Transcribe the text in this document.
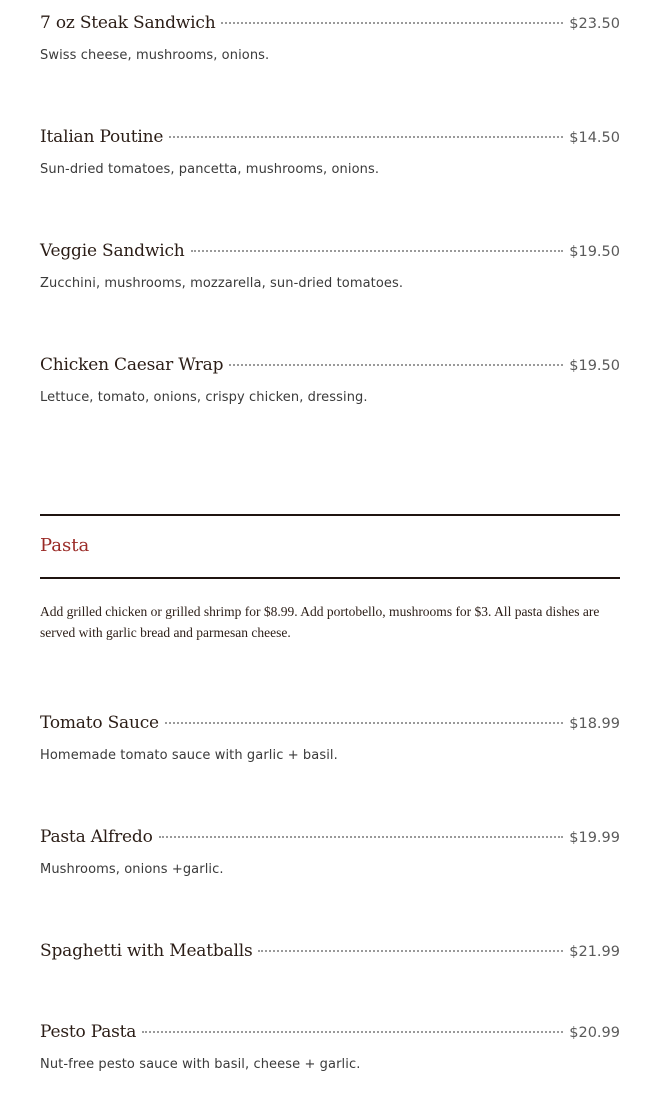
7 oz Steak Sandwich	$23.50
Swiss cheese, mushrooms, onions.
Italian Poutine	$14.50
Sun-dried tomatoes, pancetta, mushrooms, onions.
Veggie Sandwich	$19.50
Zucchini, mushrooms, mozzarella, sun-dried tomatoes.
Chicken Caesar Wrap	$19.50
Lettuce, tomato, onions, crispy chicken, dressing.
Pasta
Add grilled chicken or grilled shrimp for $8.99. Add portobello, mushrooms for $3. All pasta dishes are served with garlic bread and parmesan cheese.
Tomato Sauce	$18.99
Homemade tomato sauce with garlic + basil.
Pasta Alfredo	$19.99
Mushrooms, onions +garlic.
Spaghetti with Meatballs	$21.99
Pesto Pasta	$20.99
Nut-free pesto sauce with basil, cheese + garlic.
